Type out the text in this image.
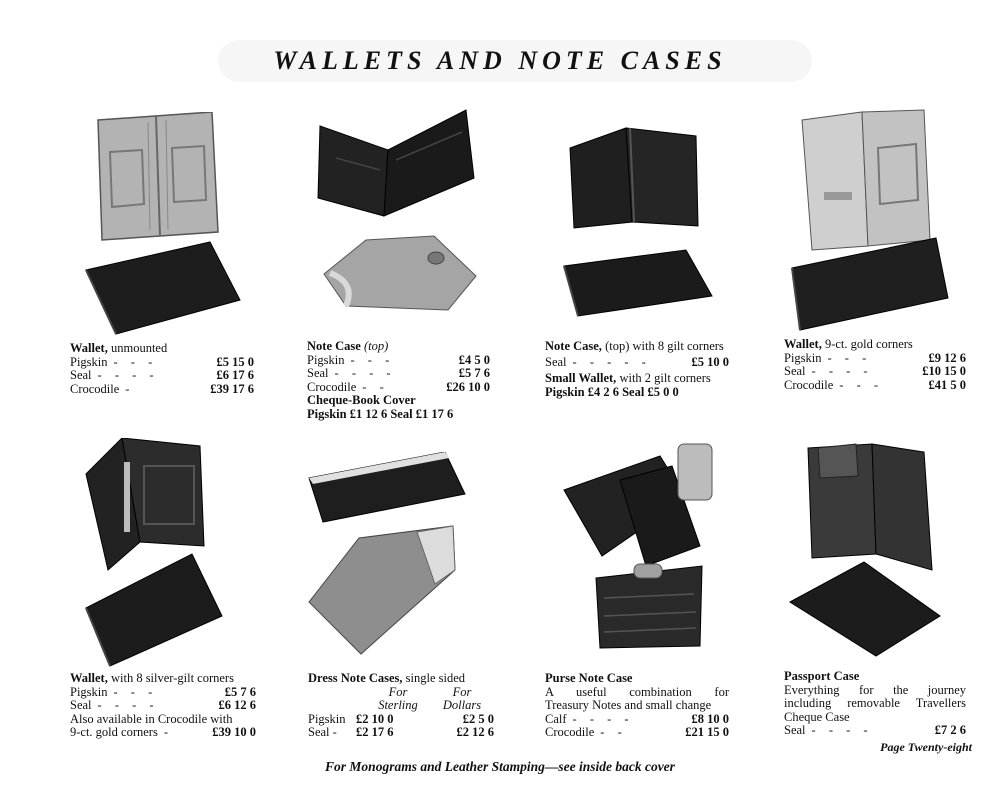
WALLETS AND NOTE CASES
Wallet, unmounted
Pigskin - - -	£5 15 0
Seal - - - -	£6 17 6
Crocodile -	£39 17 6
Note Case (top)
Pigskin - - -	£4 5 0
Seal - - - -	£5 7 6
Crocodile - -	£26 10 0
Cheque-Book Cover
Pigskin £1 12 6 Seal £1 17 6
Note Case, (top) with 8 gilt corners
Seal - - - - -	£5 10 0
Small Wallet, with 2 gilt corners
Pigskin £4 2 6 Seal £5 0 0
Wallet, 9-ct. gold corners
Pigskin - - -	£9 12 6
Seal - - - -	£10 15 0
Crocodile - - -	£41 5 0
Wallet, with 8 silver-gilt corners
Pigskin - - -	£5 7 6
Seal - - - -	£6 12 6
Also available in Crocodile with
9-ct. gold corners -	£39 10 0
Dress Note Cases, single sided
For	For
Sterling	Dollars
Pigskin £2 10 0	£2 5 0
Seal -	£2 17 6	£2 12 6
Purse Note Case
A useful combination for
Treasury Notes and small change
Calf - - - -	£8 10 0
Crocodile - -	£21 15 0
Passport Case
Everything for the journey
including removable Travellers
Cheque Case
Seal - - - -	£7 2 6
Page Twenty-eight
For Monograms and Leather Stamping—see inside back cover
